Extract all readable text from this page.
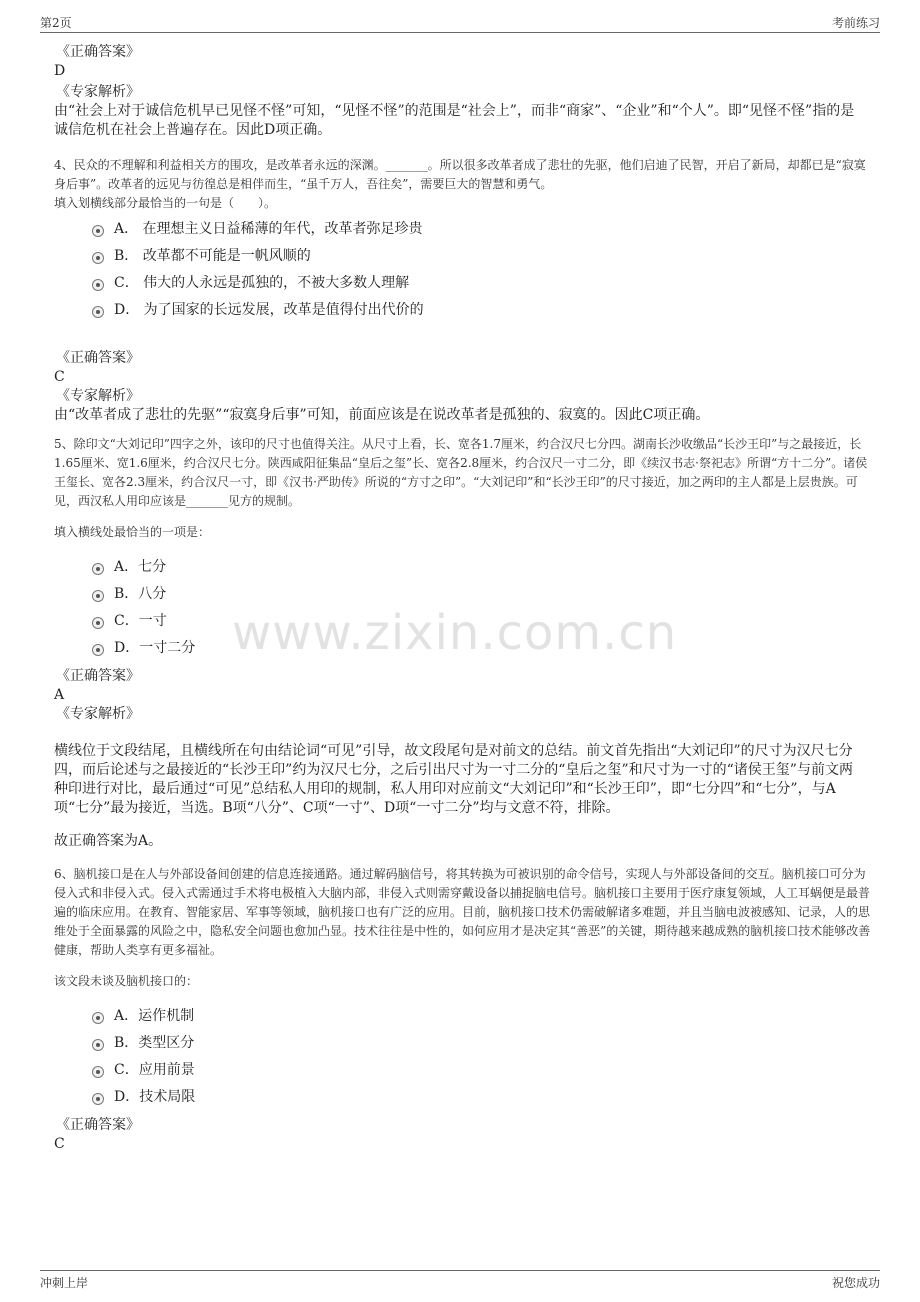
第2页	考前练习
www.zixin.com.cn
《正确答案》
D
《专家解析》
由“社会上对于诚信危机早已见怪不怪”可知，“见怪不怪”的范围是“社会上”，而非“商家”、“企业”和“个人”。即“见怪不怪”指的是诚信危机在社会上普遍存在。因此D项正确。
4、民众的不理解和利益相关方的围攻，是改革者永远的深渊。_______。所以很多改革者成了悲壮的先驱，他们启迪了民智，开启了新局，却都已是“寂寞身后事”。改革者的远见与彷徨总是相伴而生，“虽千万人，吾往矣”，需要巨大的智慧和勇气。
填入划横线部分最恰当的一句是（　　）。
A． 在理想主义日益稀薄的年代，改革者弥足珍贵
B． 改革都不可能是一帆风顺的
C． 伟大的人永远是孤独的，不被大多数人理解
D． 为了国家的长远发展，改革是值得付出代价的
《正确答案》
C
《专家解析》
由“改革者成了悲壮的先驱”“寂寞身后事”可知，前面应该是在说改革者是孤独的、寂寞的。因此C项正确。
5、除印文“大刘记印”四字之外，该印的尺寸也值得关注。从尺寸上看，长、宽各1.7厘米，约合汉尺七分四。湖南长沙收缴品“长沙王印”与之最接近，长1.65厘米、宽1.6厘米，约合汉尺七分。陕西咸阳征集品“皇后之玺”长、宽各2.8厘米，约合汉尺一寸二分，即《续汉书志·祭祀志》所谓“方十二分”。诸侯王玺长、宽各2.3厘米，约合汉尺一寸，即《汉书·严助传》所说的“方寸之印”。“大刘记印”和“长沙王印”的尺寸接近，加之两印的主人都是上层贵族。可见，西汉私人用印应该是_______见方的规制。
填入横线处最恰当的一项是：
A．七分
B．八分
C．一寸
D．一寸二分
《正确答案》
A
《专家解析》
横线位于文段结尾，且横线所在句由结论词“可见”引导，故文段尾句是对前文的总结。前文首先指出“大刘记印”的尺寸为汉尺七分四，而后论述与之最接近的“长沙王印”约为汉尺七分，之后引出尺寸为一寸二分的“皇后之玺”和尺寸为一寸的“诸侯王玺”与前文两种印进行对比，最后通过“可见”总结私人用印的规制，私人用印对应前文“大刘记印”和“长沙王印”，即“七分四”和“七分”，与A项“七分”最为接近，当选。B项“八分”、C项“一寸”、D项“一寸二分”均与文意不符，排除。
故正确答案为A。
6、脑机接口是在人与外部设备间创建的信息连接通路。通过解码脑信号，将其转换为可被识别的命令信号，实现人与外部设备间的交互。脑机接口可分为侵入式和非侵入式。侵入式需通过手术将电极植入大脑内部，非侵入式则需穿戴设备以捕捉脑电信号。脑机接口主要用于医疗康复领域，人工耳蜗便是最普遍的临床应用。在教育、智能家居、军事等领域，脑机接口也有广泛的应用。目前，脑机接口技术仍需破解诸多难题，并且当脑电波被感知、记录，人的思维处于全面暴露的风险之中，隐私安全问题也愈加凸显。技术往往是中性的，如何应用才是决定其“善恶”的关键，期待越来越成熟的脑机接口技术能够改善健康，帮助人类享有更多福祉。
该文段未谈及脑机接口的：
A．运作机制
B．类型区分
C．应用前景
D．技术局限
《正确答案》
C
冲刺上岸	祝您成功
